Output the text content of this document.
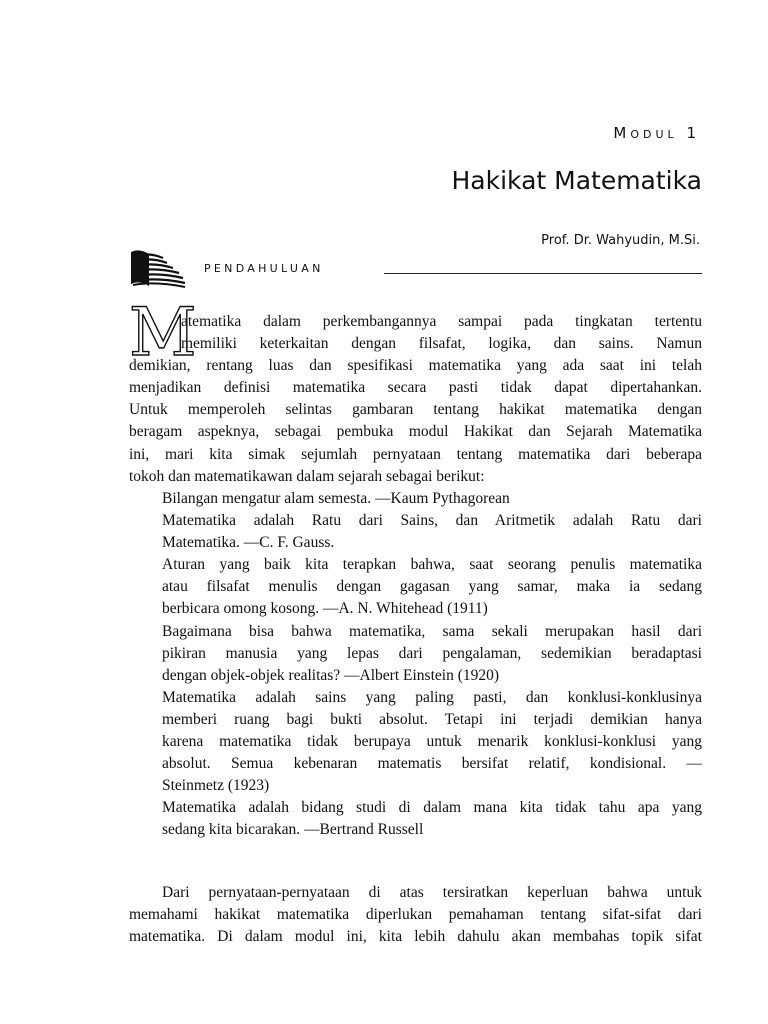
MODUL 1
Hakikat Matematika
Prof. Dr. Wahyudin, M.Si.
PENDAHULUAN
M
atematika dalam perkembangannya sampai pada tingkatan tertentu
memiliki keterkaitan dengan filsafat, logika, dan sains. Namun
demikian, rentang luas dan spesifikasi matematika yang ada saat ini telah
menjadikan definisi matematika secara pasti tidak dapat dipertahankan.
Untuk memperoleh selintas gambaran tentang hakikat matematika dengan
beragam aspeknya, sebagai pembuka modul Hakikat dan Sejarah Matematika
ini, mari kita simak sejumlah pernyataan tentang matematika dari beberapa
tokoh dan matematikawan dalam sejarah sebagai berikut:
Bilangan mengatur alam semesta. —Kaum Pythagorean
Matematika adalah Ratu dari Sains, dan Aritmetik adalah Ratu dari
Matematika. —C. F. Gauss.
Aturan yang baik kita terapkan bahwa, saat seorang penulis matematika
atau filsafat menulis dengan gagasan yang samar, maka ia sedang
berbicara omong kosong. —A. N. Whitehead (1911)
Bagaimana bisa bahwa matematika, sama sekali merupakan hasil dari
pikiran manusia yang lepas dari pengalaman, sedemikian beradaptasi
dengan objek-objek realitas? —Albert Einstein (1920)
Matematika adalah sains yang paling pasti, dan konklusi-konklusinya
memberi ruang bagi bukti absolut. Tetapi ini terjadi demikian hanya
karena matematika tidak berupaya untuk menarik konklusi-konklusi yang
absolut. Semua kebenaran matematis bersifat relatif, kondisional. —
Steinmetz (1923)
Matematika adalah bidang studi di dalam mana kita tidak tahu apa yang
sedang kita bicarakan. —Bertrand Russell
Dari pernyataan-pernyataan di atas tersiratkan keperluan bahwa untuk
memahami hakikat matematika diperlukan pemahaman tentang sifat-sifat dari
matematika. Di dalam modul ini, kita lebih dahulu akan membahas topik sifat
